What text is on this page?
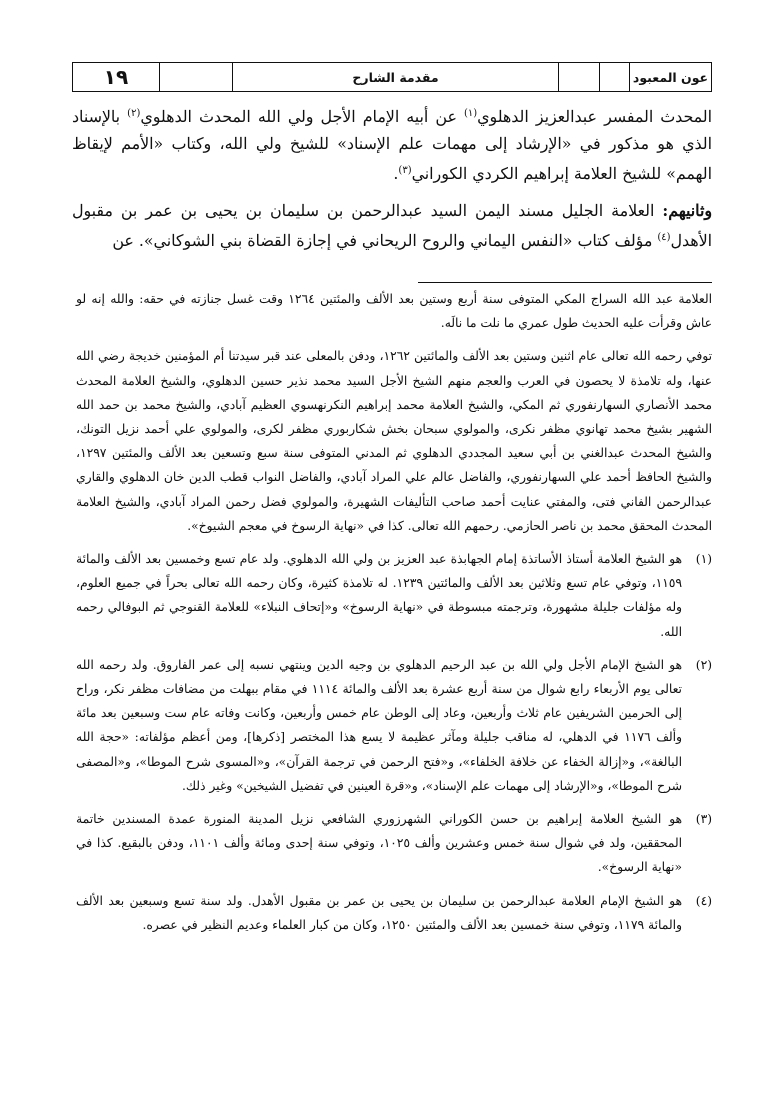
١٩	مقدمة الشارح	عون المعبود

المحدث المفسر عبدالعزيز الدهلوي$^{(١)}$ عن أبيه الإمام الأجل ولي الله المحدث الدهلوي$^{(٢)}$ بالإسناد الذي هو مذكور في «الإرشاد إلى مهمات علم الإسناد» للشيخ ولي الله، وكتاب «الأمم لإيقاظ الهمم» للشيخ العلامة إبراهيم الكردي الكوراني$^{(٣)}$.

وثانيهم: العلامة الجليل مسند اليمن السيد عبدالرحمن بن سليمان بن يحيى بن عمر بن مقبول الأهدل$^{(٤)}$ مؤلف كتاب «النفس اليماني والروح الريحاني في إجازة القضاة بني الشوكاني». عن

العلامة عبد الله السراج المكي المتوفى سنة أربع وستين بعد الألف والمئتين ١٢٦٤ وقت غسل جنازته في حقه: والله إنه لو عاش وقرأت عليه الحديث طول عمري ما نلت ما نالَه.

توفي رحمه الله تعالى عام اثنين وستين بعد الألف والمائتين ١٢٦٢، ودفن بالمعلى عند قبر سيدتنا أم المؤمنين خديجة رضي الله عنها، وله تلامذة لا يحصون في العرب والعجم منهم الشيخ الأجل السيد محمد نذير حسين الدهلوي، والشيخ العلامة المحدث محمد الأنصاري السهارنفوري ثم المكي، والشيخ العلامة محمد إبراهيم النكرنهسوي العظيم آبادي، والشيخ محمد بن حمد الله الشهير بشيخ محمد تهانوي مظفر نكرى، والمولوي سبحان بخش شكاربوري مظفر لكرى، والمولوي علي أحمد نزيل التونك، والشيخ المحدث عبدالغني بن أبي سعيد المجددي الدهلوي ثم المدني المتوفى سنة سبع وتسعين بعد الألف والمئتين ١٢٩٧، والشيخ الحافظ أحمد علي السهارنفوري، والفاضل عالم علي المراد آبادي، والفاضل النواب قطب الدين خان الدهلوي والقاري عبدالرحمن الفاني فتى، والمفتي عنايت أحمد صاحب التأليفات الشهيرة، والمولوي فضل رحمن المراد آبادي، والشيخ العلامة المحدث المحقق محمد بن ناصر الحازمي. رحمهم الله تعالى. كذا في «نهاية الرسوخ في معجم الشيوخ».

(١)
هو الشيخ العلامة أستاذ الأساتذة إمام الجهابذة عبد العزيز بن ولي الله الدهلوي. ولد عام تسع وخمسين بعد الألف والمائة ١١٥٩، وتوفي عام تسع وثلاثين بعد الألف والمائتين ١٢٣٩. له تلامذة كثيرة، وكان رحمه الله تعالى بحراً في جميع العلوم، وله مؤلفات جليلة مشهورة، وترجمته مبسوطة في «نهاية الرسوخ» و«إتحاف النبلاء» للعلامة القنوجي ثم البوفالي رحمه الله.
(٢)
هو الشيخ الإمام الأجل ولي الله بن عبد الرحيم الدهلوي بن وجيه الدين وينتهي نسبه إلى عمر الفاروق. ولد رحمه الله تعالى يوم الأربعاء رابع شوال من سنة أربع عشرة بعد الألف والمائة ١١١٤ في مقام ببهلت من مضافات مظفر نكر، وراح إلى الحرمين الشريفين عام ثلاث وأربعين، وعاد إلى الوطن عام خمس وأربعين، وكانت وفاته عام ست وسبعين بعد مائة وألف ١١٧٦ في الدهلي، له مناقب جليلة ومآثر عظيمة لا يسع هذا المختصر [ذكرها]، ومن أعظم مؤلفاته: «حجة الله البالغة»، و«إزالة الخفاء عن خلافة الخلفاء»، و«فتح الرحمن في ترجمة القرآن»، و«المسوى شرح الموطا»، و«المصفى شرح الموطا»، و«الإرشاد إلى مهمات علم الإسناد»، و«قرة العينين في تفضيل الشيخين» وغير ذلك.
(٣)
هو الشيخ العلامة إبراهيم بن حسن الكوراني الشهرزوري الشافعي نزيل المدينة المنورة عمدة المسندين خاتمة المحققين، ولد في شوال سنة خمس وعشرين وألف ١٠٢٥، وتوفي سنة إحدى ومائة وألف ١١٠١، ودفن بالبقيع. كذا في «نهاية الرسوخ».
(٤)
هو الشيخ الإمام العلامة عبدالرحمن بن سليمان بن يحيى بن عمر بن مقبول الأهدل. ولد سنة تسع وسبعين بعد الألف والمائة ١١٧٩، وتوفي سنة خمسين بعد الألف والمئتين ١٢٥٠، وكان من كبار العلماء وعديم النظير في عصره.
